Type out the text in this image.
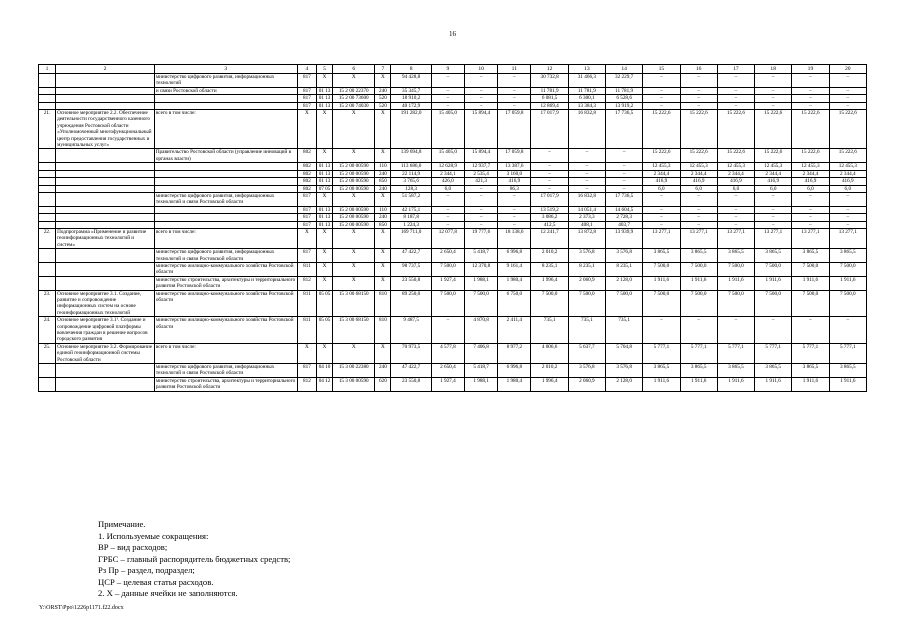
16
1	2	3	4	5	6	7	8	9	10	11	12	13	14	15	16	17	18	19	20
		министерство цифрового развития, информационных технологий	817	X	X	X	94 428,8	–	–	–	30 732,8	31 466,3	32 229,7	–	–	–	–	–	–
		и связи Ростовской области	817	01 13	15 2 00 22370	240	35 345,7	–	–	–	11 781,9	11 781,9	11 781,9	–	–	–	–	–	–
			817	01 13	15 2 00 73600	520	18 910,2	–	–	–	6 081,5	6 300,1	6 528,6	–	–	–	–	–	–
			817	01 13	15 2 00 74030	520	40 172,9	–	–	–	12 869,4	13 384,3	13 919,2	–	–	–	–	–	–
21.	Основное мероприятие 2.2. Обеспечение деятельности государственного казенного учреждения Ростовской области «Уполномоченный многофункциональный центр предоставления государственных и муниципальных услуг»	всего в том числе:	X	X	X	X	191 282,0	15 405,0	15 894,4	17 059,8	17 017,9	16 832,8	17 736,5	15 222,6	15 222,6	15 222,6	15 222,6	15 222,6	15 222,6
		Правительство Ростовской области (управление инноваций в органах власти)	802	X	X	X	139 694,8	15 405,0	15 894,4	17 059,8	–	–	–	15 222,6	15 222,6	15 222,6	15 222,6	15 222,6	15 222,6
			802	01 13	15 2 00 00590	110	113 686,0	12 628,9	12 937,7	13 387,6	–	–	–	12 455,3	12 455,3	12 455,3	12 455,3	12 455,3	12 455,3
			802	01 13	15 2 00 00590	240	22 114,9	2 344,1	2 535,4	3 160,0	–	–	–	2 344,4	2 344,4	2 344,4	2 344,4	2 344,4	2 344,4
			802	01 13	15 2 00 00590	850	3 765,6	426,0	421,3	416,9	–	–	–	416,9	416,9	416,9	416,9	416,9	416,9
			802	07 05	15 2 00 00590	240	128,3	6,0	–	86,3	–	–	–	6,0	6,0	6,0	6,0	6,0	6,0
		министерство цифрового развития, информационных технологий и связи Ростовской области	817	X	X	X	51 587,2	–	–	–	17 017,9	16 832,8	17 736,5	–	–	–	–	–	–
			817	01 13	15 2 00 00590	110	42 175,1	–	–	–	13 519,2	14 051,4	14 604,5	–	–	–	–	–	–
			817	01 13	15 2 00 00590	240	8 187,8	–	–	–	3 086,2	2 373,3	2 728,3	–	–	–	–	–	–
			817	01 13	15 2 00 00590	850	1 224,3	–	–	–	412,5	408,1	403,7	–	–	–	–	–	–
22.	Подпрограмма «Применение и развитие геоинформационных технологий и систем»	всего в том числе:	X	X	X	X	169 711,0	12 077,8	19 777,6	18 138,6	12 241,7	13 872,8	13 939,9	13 277,1	13 277,1	13 277,1	13 277,1	13 277,1	13 277,1
		министерство цифрового развития, информационных технологий и связи Ростовской области	817	X	X	X	47 422,7	2 650,4	5 418,7	6 996,8	2 010,2	3 576,8	3 576,8	3 865,5	3 865,5	3 865,5	3 865,5	3 865,5	3 865,5
		министерство жилищно-коммунального хозяйства Ростовской области	811	X	X	X	98 737,5	7 500,0	12 370,8	9 161,4	8 235,1	8 235,1	8 235,1	7 500,0	7 500,0	7 500,0	7 500,0	7 500,0	7 500,0
		министерство строительства, архитектуры и территориального развития Ростовской области	812	X	X	X	23 550,8	1 927,4	1 988,1	1 980,4	1 996,4	2 060,9	2 128,0	1 911,6	1 911,6	1 911,6	1 911,6	1 911,6	1 911,6
23.	Основное мероприятие 3.1. Создание, развитие и сопровождение информационных систем на основе геоинформационных технологий	министерство жилищно-коммунального хозяйства Ростовской области	811	05 05	15 3 00 68150	810	89 250,0	7 500,0	7 500,0	6 750,0	7 500,0	7 500,0	7 500,0	7 500,0	7 500,0	7 500,0	7 500,0	7 500,0	7 500,0
24.	Основное мероприятие 3.1¹. Создание и сопровождение цифровой платформы вовлечения граждан в решение вопросов городского развития	министерство жилищно-коммунального хозяйства Ростовской области	811	05 05	15 3 00 68150	810	9 487,5	–	4 870,8	2 411,4	735,1	735,1	735,1	–	–	–	–	–	–
25.	Основное мероприятие 3.2. Формирование единой геоинформационной системы Ростовской области	всего в том числе:	X	X	X	X	70 973,5	4 577,8	7 406,8	8 977,2	4 006,6	5 637,7	5 704,8	5 777,1	5 777,1	5 777,1	5 777,1	5 777,1	5 777,1
		министерство цифрового развития, информационных технологий и связи Ростовской области	817	04 10	15 3 00 22380	240	47 422,7	2 650,4	5 418,7	6 996,8	2 010,2	3 576,8	3 576,8	3 865,5	3 865,5	3 865,5	3 865,5	3 865,5	3 865,5
		министерство строительства, архитектуры и территориального развития Ростовской области	812	04 12	15 3 00 00590	620	23 550,8	1 927,4	1 988,1	1 980,4	1 996,4	2 060,9	2 128,0	1 911,6	1 911,6	1 911,6	1 911,6	1 911,6	1 911,6
Примечание.
1. Используемые сокращения:
ВР – вид расходов;
ГРБС – главный распорядитель бюджетных средств;
Рз Пр – раздел, подраздел;
ЦСР – целевая статья расходов.
2. Х – данные ячейки не заполняются.
Y:\ORST\Ppo\1226p1171.f22.docx
